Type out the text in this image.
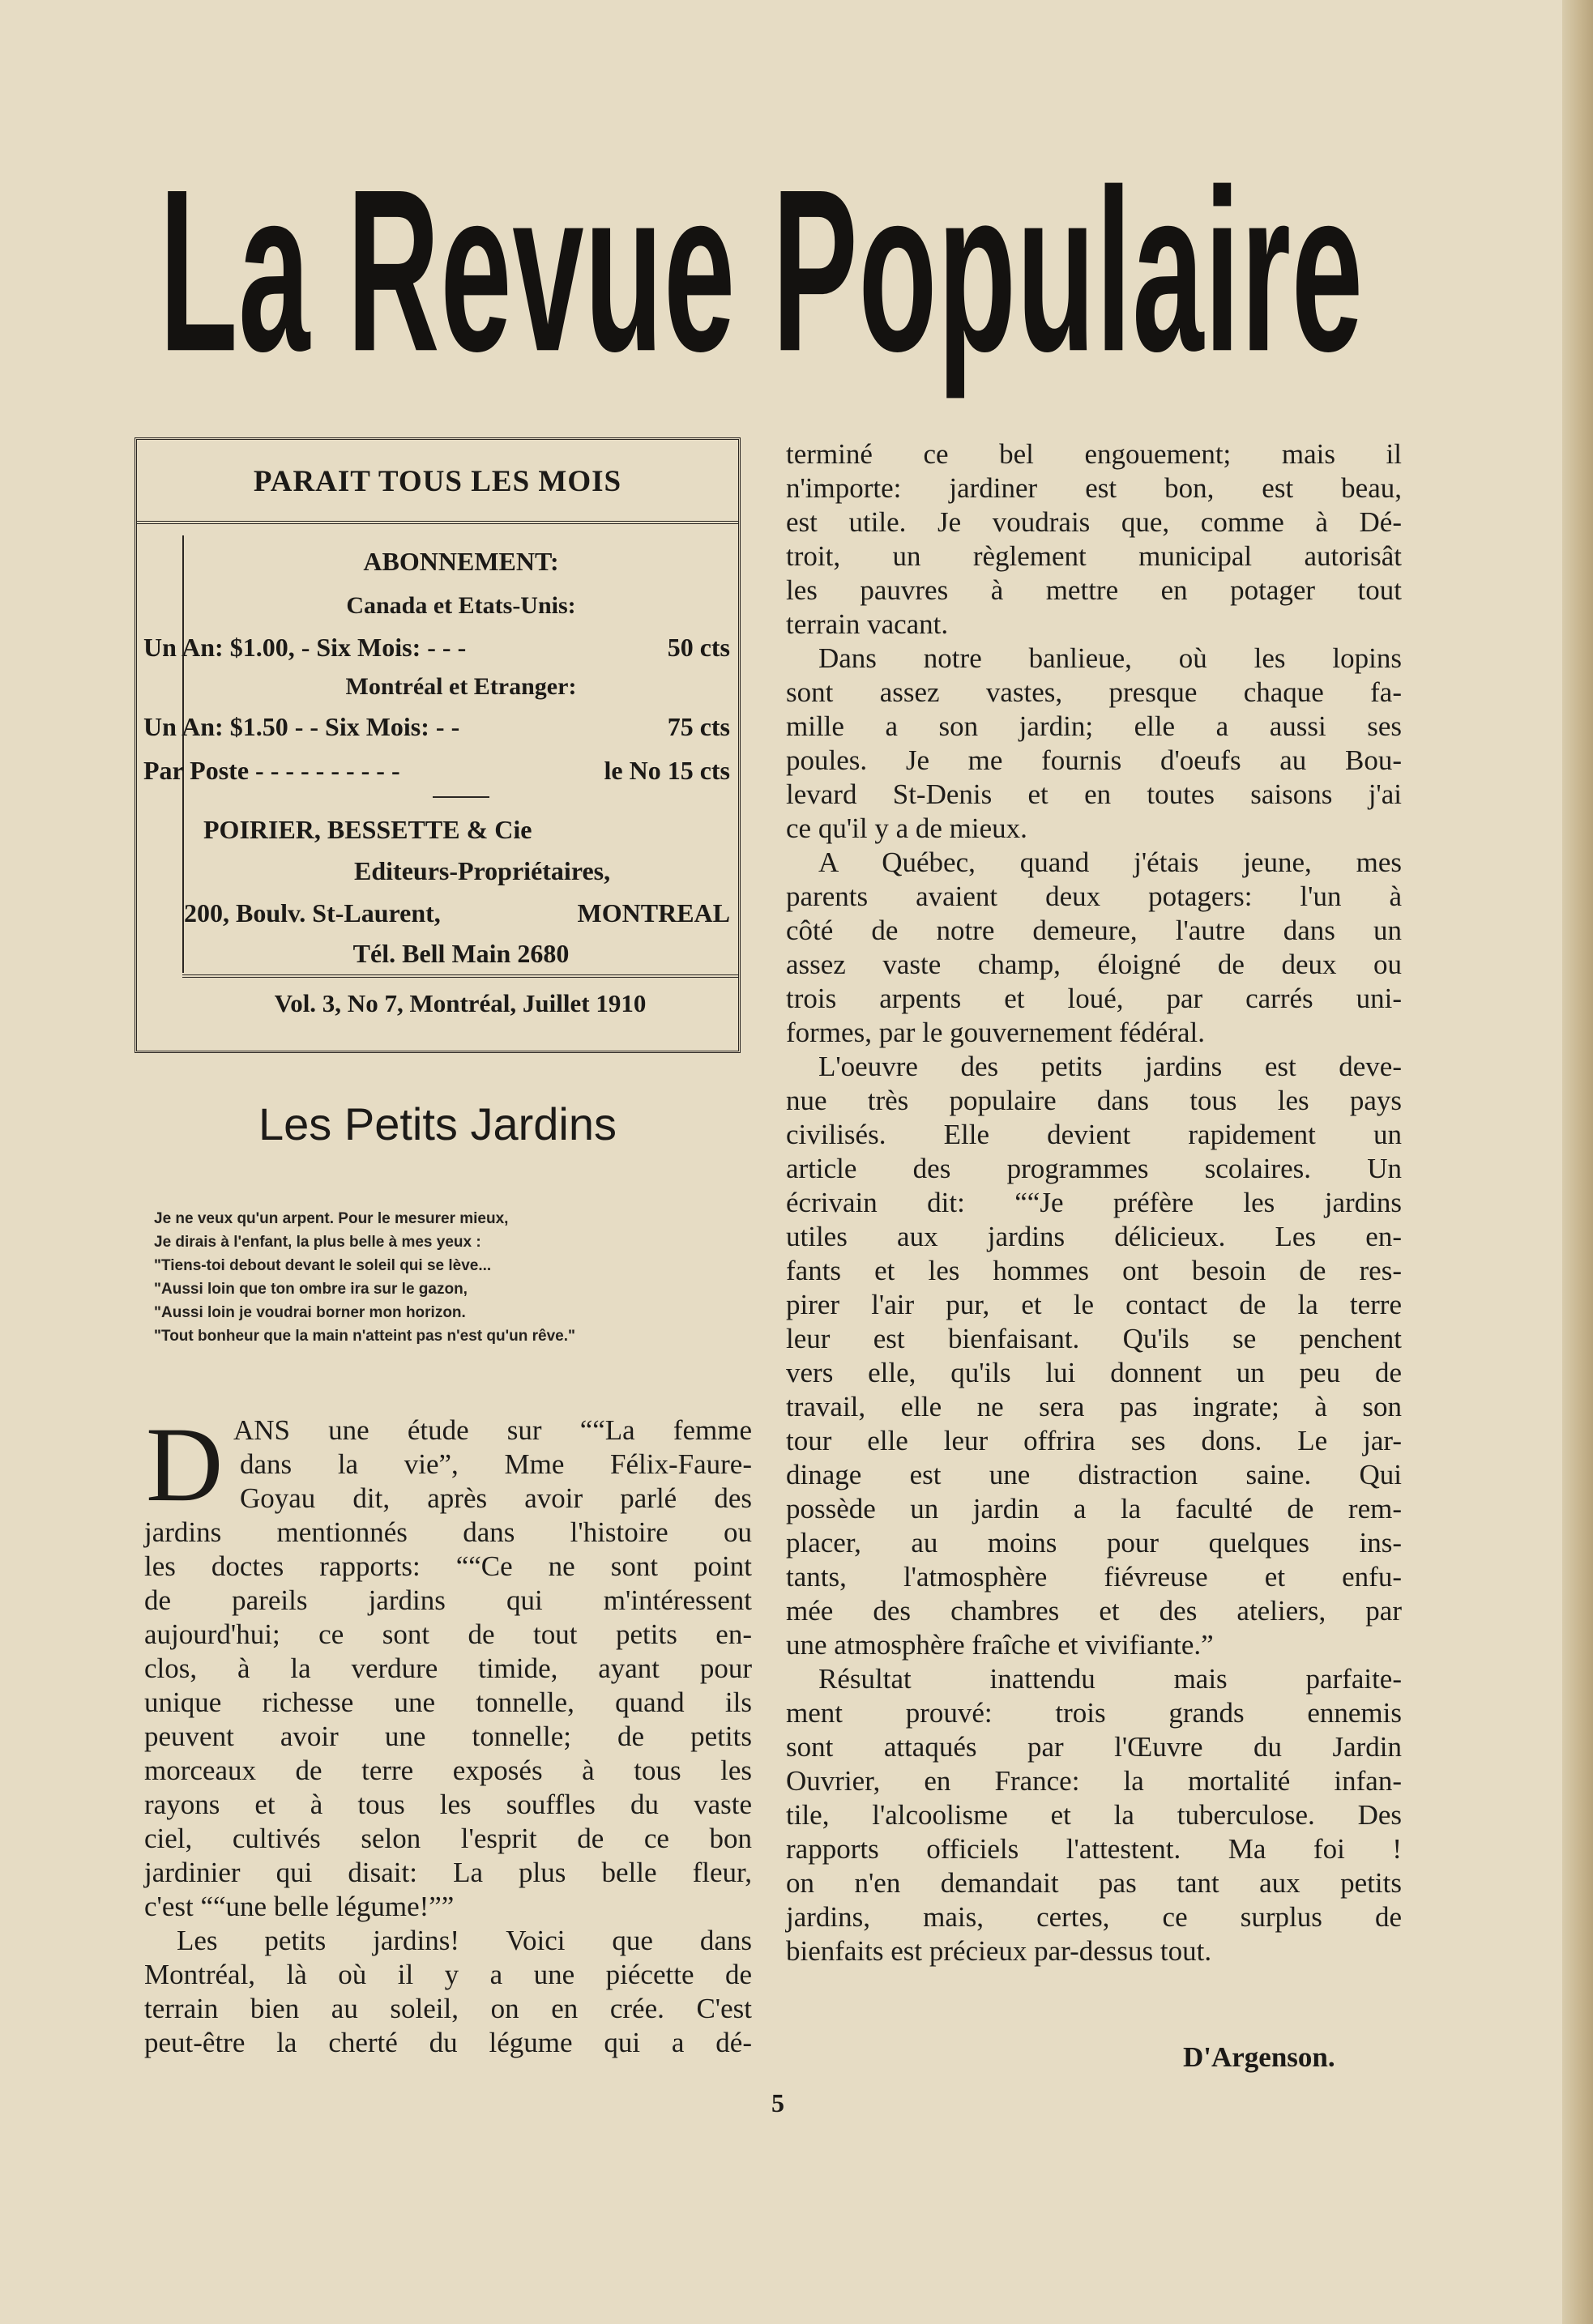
La Revue Populaire
PARAIT TOUS LES MOIS
ABONNEMENT:
Canada et Etats-Unis:
Un An: $1.00, - Six Mois: - - -	50 cts
Montréal et Etranger:
Un An: $1.50 - - Six Mois: - -	75 cts
Par Poste - - - - - - - - - -	le No 15 cts
POIRIER, BESSETTE & Cie
Editeurs-Propriétaires,
200, Boulv. St-Laurent,	MONTREAL
Tél. Bell Main 2680
Vol. 3, No 7, Montréal, Juillet 1910
Les Petits Jardins
Je ne veux qu'un arpent. Pour le mesurer mieux,
Je dirais à l'enfant, la plus belle à mes yeux :
"Tiens-toi debout devant le soleil qui se lève...
"Aussi loin que ton ombre ira sur le gazon,
"Aussi loin je voudrai borner mon horizon.
"Tout bonheur que la main n'atteint pas n'est qu'un rêve."
D ANS une étude sur ““La femme
dans la vie”, Mme Félix-Faure-
Goyau dit, après avoir parlé des
jardins mentionnés dans l'histoire ou
les doctes rapports: ““Ce ne sont point
de pareils jardins qui m'intéressent
aujourd'hui; ce sont de tout petits en-
clos, à la verdure timide, ayant pour
unique richesse une tonnelle, quand ils
peuvent avoir une tonnelle; de petits
morceaux de terre exposés à tous les
rayons et à tous les souffles du vaste
ciel, cultivés selon l'esprit de ce bon
jardinier qui disait: La plus belle fleur,
c'est ““une belle légume!””
Les petits jardins! Voici que dans
Montréal, là où il y a une piécette de
terrain bien au soleil, on en crée. C'est
peut-être la cherté du légume qui a dé-
terminé ce bel engouement; mais il
n'importe: jardiner est bon, est beau,
est utile. Je voudrais que, comme à Dé-
troit, un règlement municipal autorisât
les pauvres à mettre en potager tout
terrain vacant.
Dans notre banlieue, où les lopins
sont assez vastes, presque chaque fa-
mille a son jardin; elle a aussi ses
poules. Je me fournis d'oeufs au Bou-
levard St-Denis et en toutes saisons j'ai
ce qu'il y a de mieux.
A Québec, quand j'étais jeune, mes
parents avaient deux potagers: l'un à
côté de notre demeure, l'autre dans un
assez vaste champ, éloigné de deux ou
trois arpents et loué, par carrés uni-
formes, par le gouvernement fédéral.
L'oeuvre des petits jardins est deve-
nue très populaire dans tous les pays
civilisés. Elle devient rapidement un
article des programmes scolaires. Un
écrivain dit: ““Je préfère les jardins
utiles aux jardins délicieux. Les en-
fants et les hommes ont besoin de res-
pirer l'air pur, et le contact de la terre
leur est bienfaisant. Qu'ils se penchent
vers elle, qu'ils lui donnent un peu de
travail, elle ne sera pas ingrate; à son
tour elle leur offrira ses dons. Le jar-
dinage est une distraction saine. Qui
possède un jardin a la faculté de rem-
placer, au moins pour quelques ins-
tants, l'atmosphère fiévreuse et enfu-
mée des chambres et des ateliers, par
une atmosphère fraîche et vivifiante.”
Résultat inattendu mais parfaite-
ment prouvé: trois grands ennemis
sont attaqués par l'Œuvre du Jardin
Ouvrier, en France: la mortalité infan-
tile, l'alcoolisme et la tuberculose. Des
rapports officiels l'attestent. Ma foi !
on n'en demandait pas tant aux petits
jardins, mais, certes, ce surplus de
bienfaits est précieux par-dessus tout.
D'Argenson.
5
